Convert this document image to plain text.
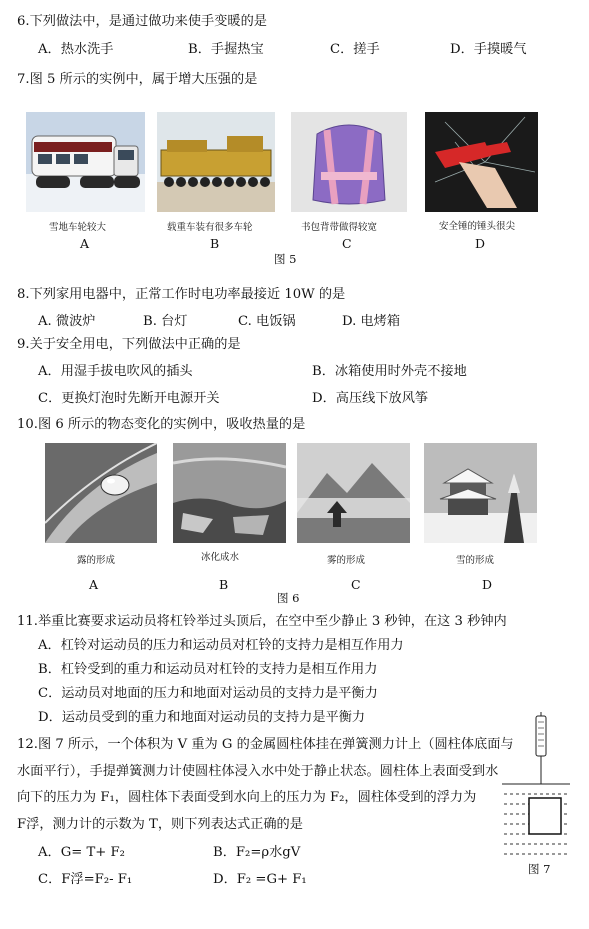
6.下列做法中，是通过做功来使手变暖的是
A．热水洗手	B．手握热宝	C．搓手	D．手摸暖气
7.图 5 所示的实例中，属于增大压强的是
雪地车轮较大	载重车装有很多车轮	书包背带做得较宽	安全锤的锤头很尖
A	B	C	D
图 5
8.下列家用电器中，正常工作时电功率最接近 10W 的是
A. 微波炉	B. 台灯	C. 电饭锅	D. 电烤箱
9.关于安全用电，下列做法中正确的是
A．用湿手拔电吹风的插头	B．冰箱使用时外壳不接地
C．更换灯泡时先断开电源开关	D．高压线下放风筝
10.图 6 所示的物态变化的实例中，吸收热量的是
露的形成	冰化成水	雾的形成	雪的形成
A	B	C	D
图 6
11.举重比赛要求运动员将杠铃举过头顶后，在空中至少静止 3 秒钟，在这 3 秒钟内
A．杠铃对运动员的压力和运动员对杠铃的支持力是相互作用力
B．杠铃受到的重力和运动员对杠铃的支持力是相互作用力
C．运动员对地面的压力和地面对运动员的支持力是平衡力
D．运动员受到的重力和地面对运动员的支持力是平衡力
12.图 7 所示，一个体积为 V 重为 G 的金属圆柱体挂在弹簧测力计上（圆柱体底面与
水面平行），手提弹簧测力计使圆柱体浸入水中处于静止状态。圆柱体上表面受到水
向下的压力为 F₁，圆柱体下表面受到水向上的压力为 F₂，圆柱体受到的浮力为
F浮，测力计的示数为 T，则下列表达式正确的是
A．G= T+ F₂	B．F₂=ρ水gV
C．F浮=F₂- F₁	D．F₂ =G+ F₁
图 7
